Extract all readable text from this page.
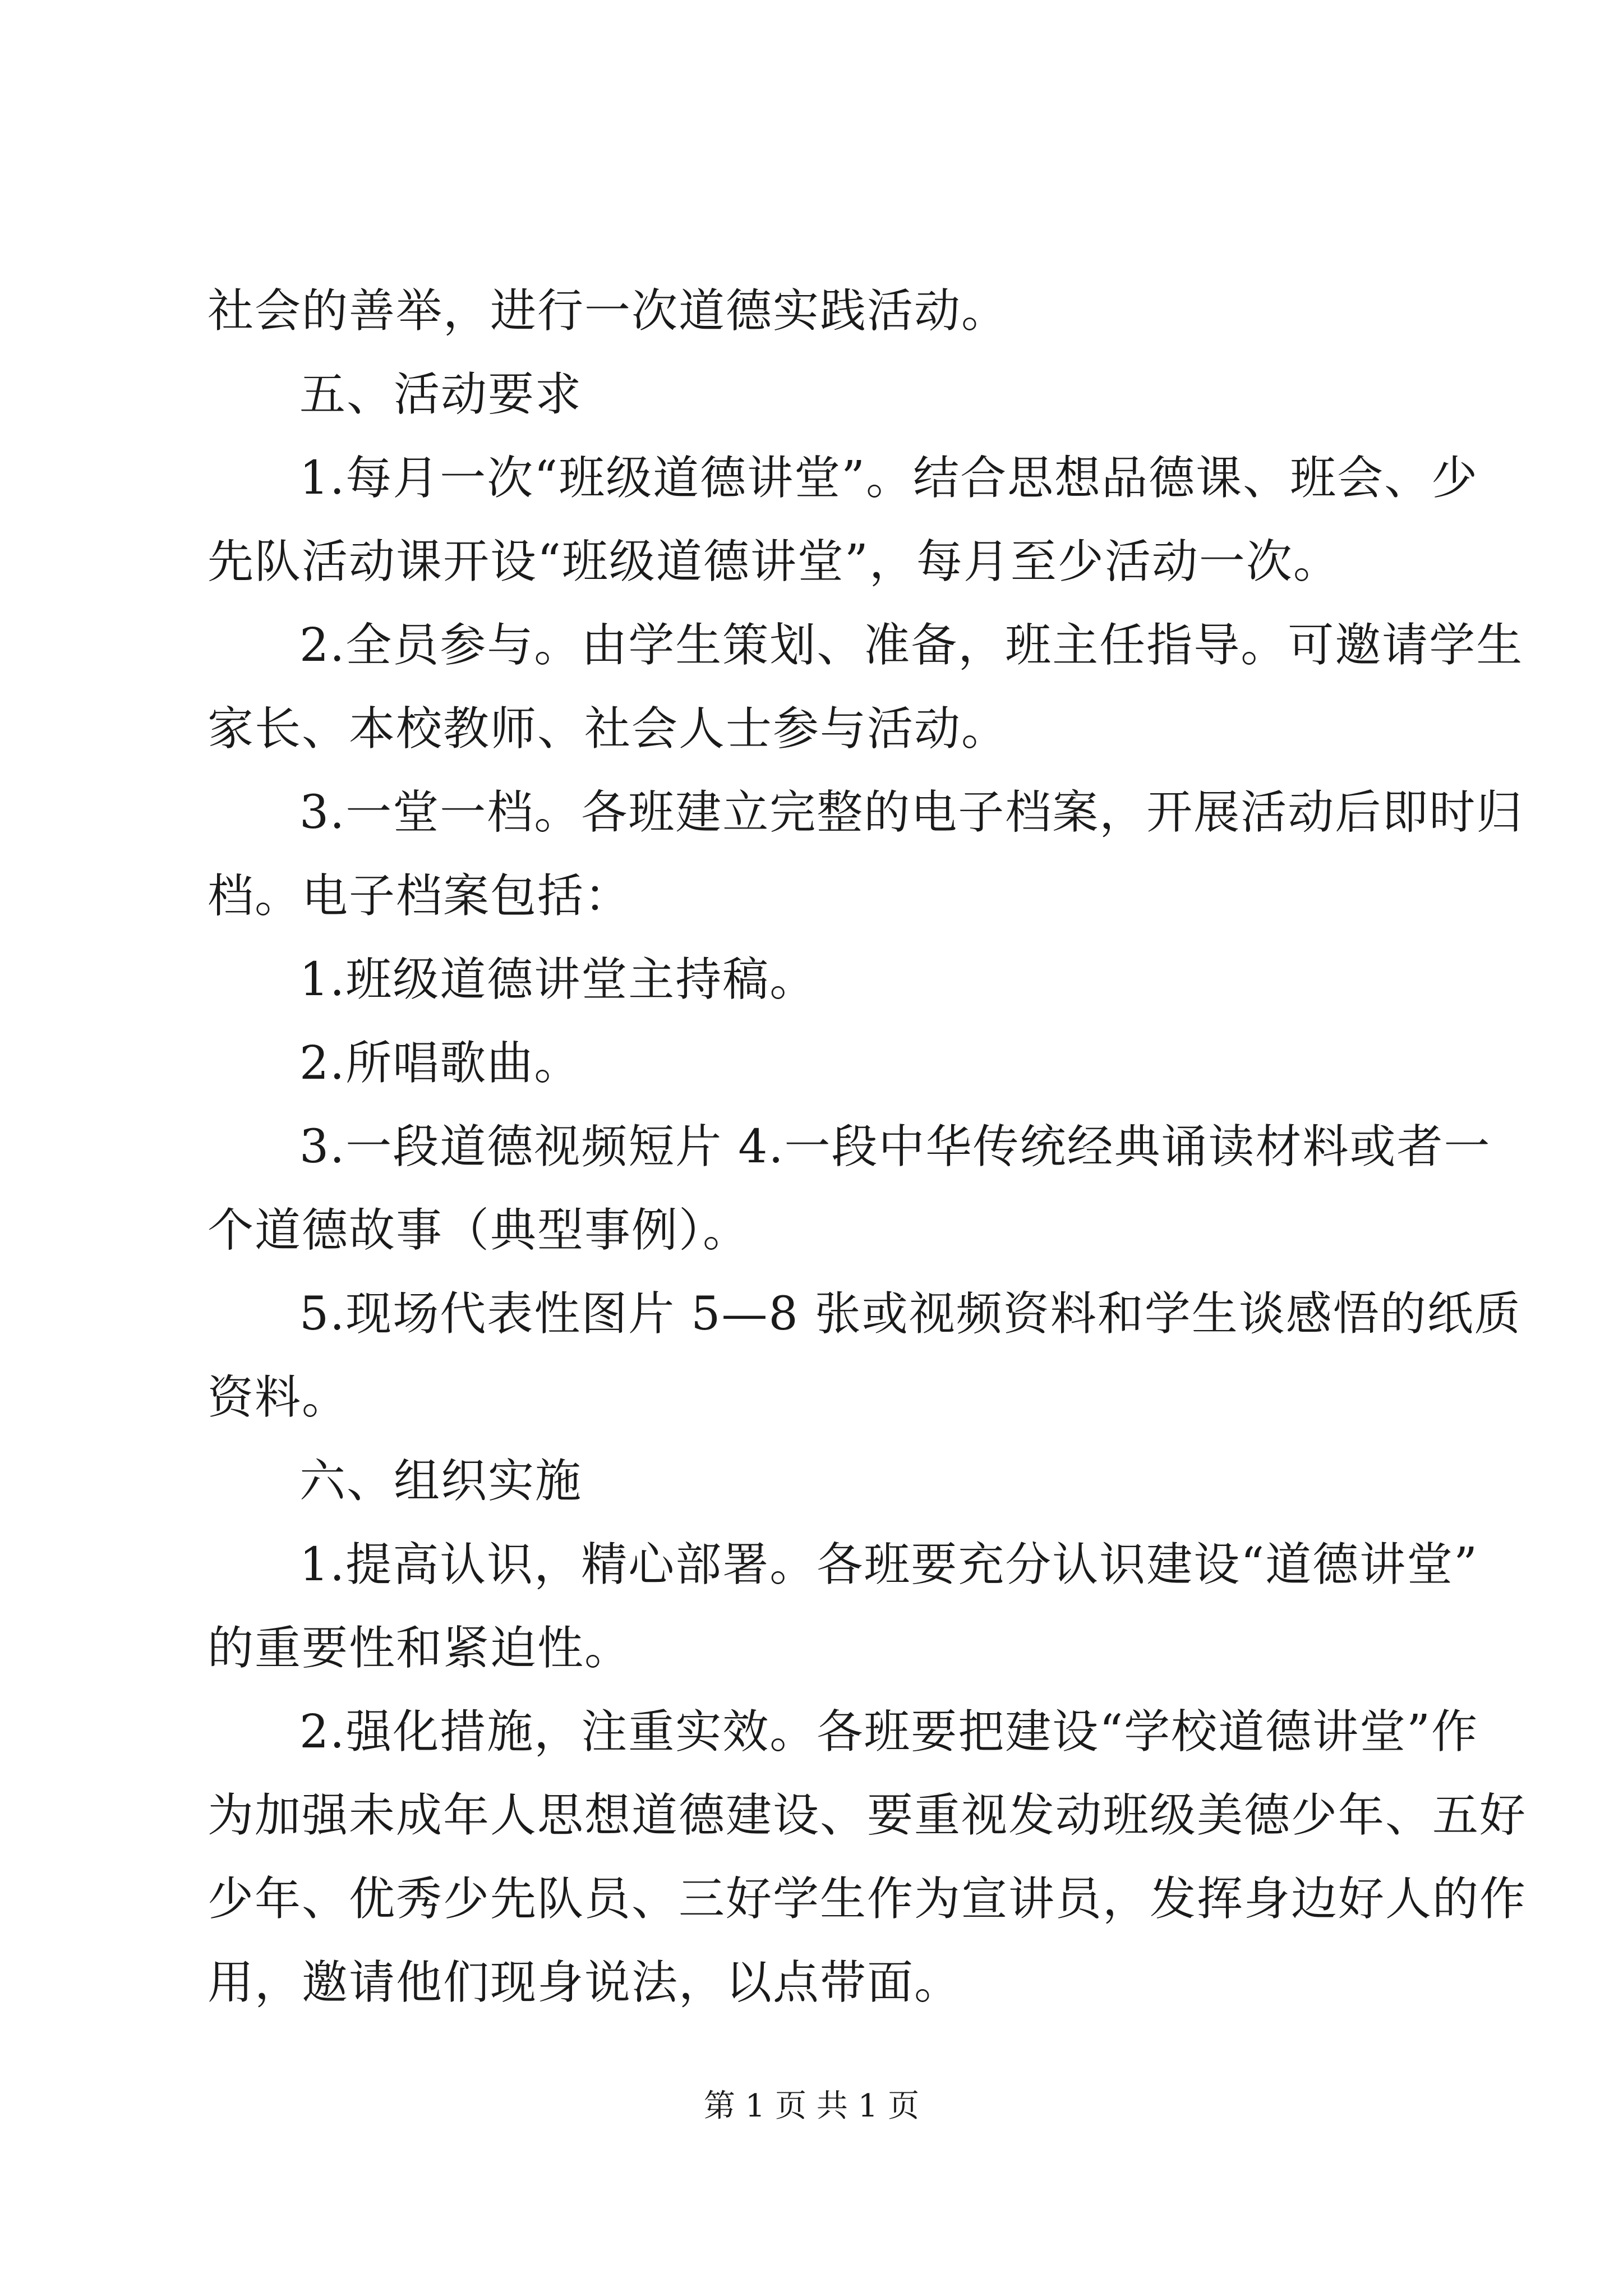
社会的善举，进行一次道德实践活动。
五、活动要求
1.每月一次“班级道德讲堂”。结合思想品德课、班会、少
先队活动课开设“班级道德讲堂”，每月至少活动一次。
2.全员参与。由学生策划、准备，班主任指导。可邀请学生
家长、本校教师、社会人士参与活动。
3.一堂一档。各班建立完整的电子档案，开展活动后即时归
档。电子档案包括：
1.班级道德讲堂主持稿。
2.所唱歌曲。
3.一段道德视频短片 4.一段中华传统经典诵读材料或者一
个道德故事（典型事例）。
5.现场代表性图片 5—8 张或视频资料和学生谈感悟的纸质
资料。
六、组织实施
1.提高认识，精心部署。各班要充分认识建设“道德讲堂”
的重要性和紧迫性。
2.强化措施，注重实效。各班要把建设“学校道德讲堂”作
为加强未成年人思想道德建设、要重视发动班级美德少年、五好
少年、优秀少先队员、三好学生作为宣讲员，发挥身边好人的作
用，邀请他们现身说法，以点带面。
第 1 页 共 1 页
